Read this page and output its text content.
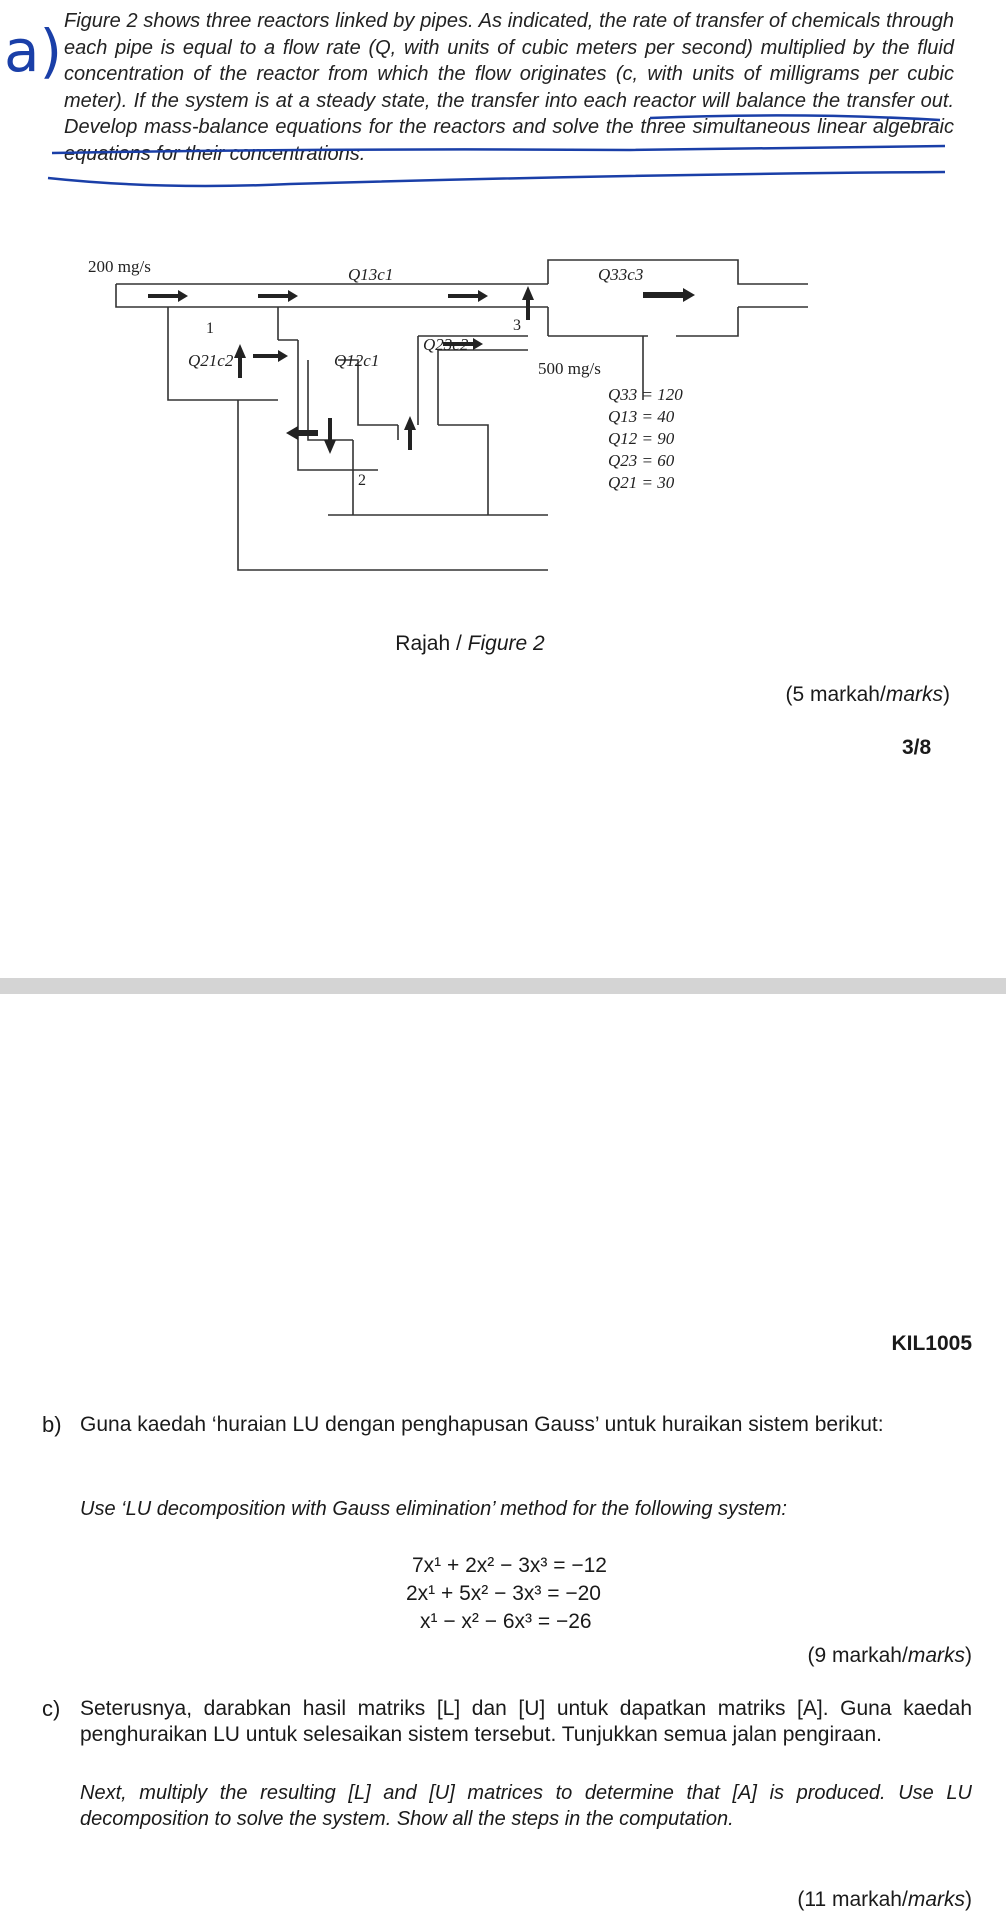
a) Figure 2 shows three reactors linked by pipes. As indicated, the rate of transfer of chemicals through each pipe is equal to a flow rate (Q, with units of cubic meters per second) multiplied by the fluid concentration of the reactor from which the flow originates (c, with units of milligrams per cubic meter). If the system is at a steady state, the transfer into each reactor will balance the transfer out. Develop mass-balance equations for the reactors and solve the three simultaneous linear algebraic equations for their concentrations.
200 mg/s
500 mg/s
1
2
3
Q13c1	Q33c3
Q21c2	Q12c1
Q23c2
Q33 = 120
Q13 = 40
Q12 = 90
Q23 = 60
Q21 = 30
Rajah / Figure 2
(5 markah/marks)
3/8
KIL1005
b) Guna kaedah ‘huraian LU dengan penghapusan Gauss’ untuk huraikan sistem berikut:
Use ‘LU decomposition with Gauss elimination’ method for the following system:
7x¹ + 2x² − 3x³ = −12
2x¹ + 5x² − 3x³ = −20
x¹ − x² − 6x³ = −26
(9 markah/marks)
c) Seterusnya, darabkan hasil matriks [L] dan [U] untuk dapatkan matriks [A]. Guna kaedah penghuraikan LU untuk selesaikan sistem tersebut. Tunjukkan semua jalan pengiraan.
Next, multiply the resulting [L] and [U] matrices to determine that [A] is produced. Use LU decomposition to solve the system. Show all the steps in the computation.
(11 markah/marks)
